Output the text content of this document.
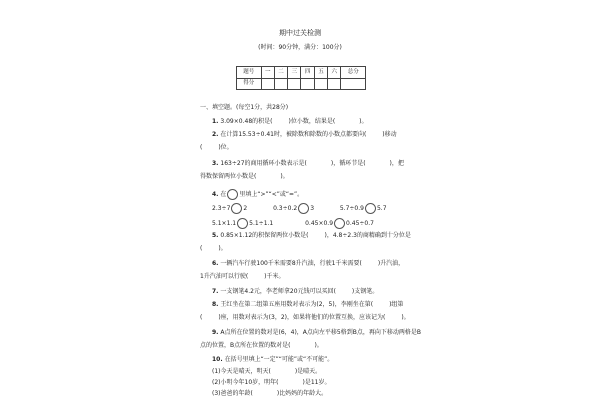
期中过关检测
(时间：90分钟，满分：100分)
题号	一	二	三	四	五	六	总分
得分							
一、填空题。(每空1分，共28分)
1. 3.09×0.48的积是(	)位小数，结果是(	)。
2. 在计算15.53÷0.41时，被除数和除数的小数点都要向(	)移动
(	)位。
3. 163÷27的商用循环小数表示是(	)，循环节是(	)，把
得数保留两位小数是(	)。
4. 在 里填上“>”“<”或“=”。
2.3÷7 2	0.3÷0.2 3	5.7÷0.9 5.7
5.1×1.1 5.1÷1.1	0.45×0.9 0.45÷0.7
5. 0.85×1.12的积保留两位小数是(	)，4.8÷2.3的商精确到十分位是
(	)。
6. 一辆汽车行驶100千米需要8升汽油，行驶1千米需要(	)升汽油，
1升汽油可以行驶(	)千米。
7. 一支钢笔4.2元，李老师拿20元钱可以买回(	)支钢笔。
8. 王红坐在第二组第五座用数对表示为(2，5)，李刚坐在第(	)组第
(	)座，用数对表示为(3，2)，如果将他们的位置互换，应该记为(	)。
9. A点所在位置的数对是(6，4)，A点向左平移5格到B点，再向下移动两格是B
点的位置，B点所在位置的数对是(	)。
10. 在括号里填上“一定”“可能”或“不可能”。
(1)今天是晴天，明天(	)是晴天。
(2)小明今年10岁，明年(	)是11岁。
(3)爸爸的年龄(	)比妈妈的年龄大。
